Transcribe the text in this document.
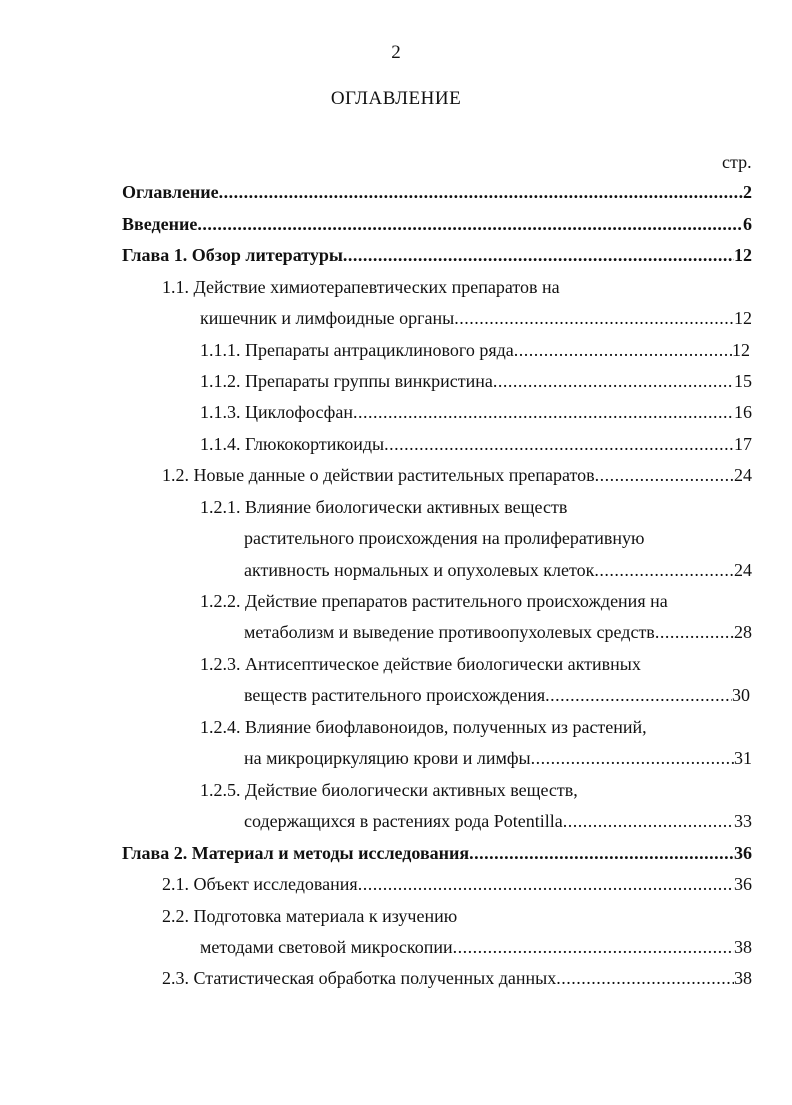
2
ОГЛАВЛЕНИЕ
стр.
Оглавление .....	2
Введение .....	6
Глава 1. Обзор литературы .....	12
1.1. Действие химиотерапевтических препаратов на
кишечник и лимфоидные органы .....	12
1.1.1. Препараты антрациклинового ряда .....	12
1.1.2. Препараты группы винкристина .....	15
1.1.3. Циклофосфан .....	16
1.1.4. Глюкокортикоиды .....	17
1.2. Новые данные о действии растительных препаратов .....	24
1.2.1. Влияние биологически активных веществ
растительного происхождения на пролиферативную
активность нормальных и опухолевых клеток .....	24
1.2.2. Действие препаратов растительного происхождения на
метаболизм и выведение противоопухолевых средств .....	28
1.2.3. Антисептическое действие биологически активных
веществ растительного происхождения .....	30
1.2.4. Влияние биофлавоноидов, полученных из растений,
на микроциркуляцию крови и лимфы .....	31
1.2.5. Действие биологически активных веществ,
содержащихся в растениях рода Potentilla .....	33
Глава 2. Материал и методы исследования .....	36
2.1. Объект исследования .....	36
2.2. Подготовка материала к изучению
методами световой микроскопии .....	38
2.3. Статистическая обработка полученных данных .....	38
